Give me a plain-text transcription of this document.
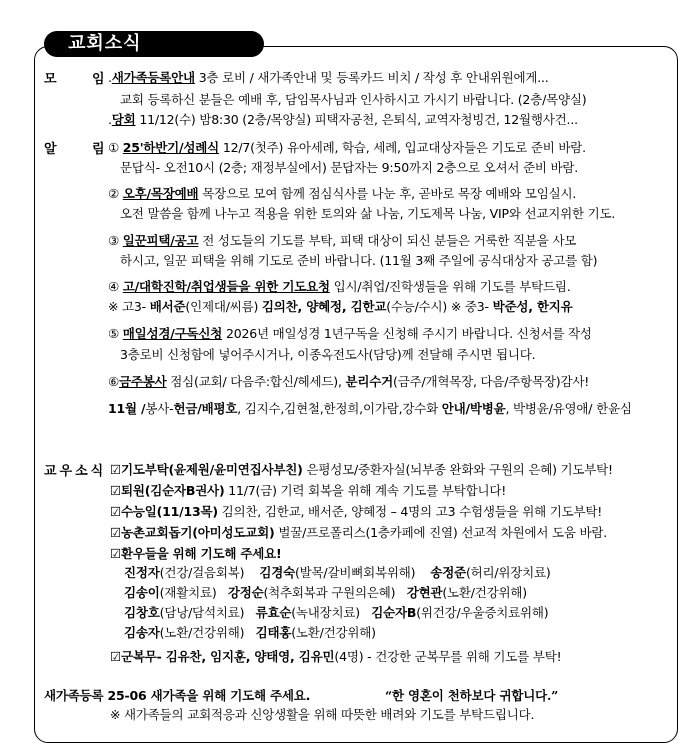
교회소식
모	임 .새가족등록안내 3층 로비 / 새가족안내 및 등록카드 비치 / 작성 후 안내위원에게...
교회 등록하신 분들은 예배 후, 담임목사님과 인사하시고 가시기 바랍니다. (2층/목양실)
.당회 11/12(수) 밤8:30 (2층/목양실) 피택자공천, 은퇴식, 교역자청빙건, 12월행사건...
알	림 ① 25'하반기/성례식 12/7(첫주) 유아세례, 학습, 세례, 입교대상자들은 기도로 준비 바람.
문답식- 오전10시 (2층; 재정부실에서) 문답자는 9:50까지 2층으로 오셔서 준비 바람.
② 오후/목장예배 목장으로 모여 함께 점심식사를 나눈 후, 곧바로 목장 예배와 모임실시.
오전 말씀을 함께 나누고 적용을 위한 토의와 삶 나눔, 기도제목 나눔, VIP와 선교지위한 기도.
③ 일꾼피택/공고 전 성도들의 기도를 부탁, 피택 대상이 되신 분들은 거룩한 직분을 사모
하시고, 일꾼 피택을 위해 기도로 준비 바랍니다. (11월 3째 주일에 공식대상자 공고를 함)
④ 고/대학진학/취업생들을 위한 기도요청 입시/취업/진학생들을 위해 기도를 부탁드림.
※ 고3- 배서준(인제대/씨름) 김의찬, 양혜정, 김한교(수능/수시) ※ 중3- 박준성, 한지유
⑤ 매일성경/구독신청 2026년 매일성경 1년구독을 신청해 주시기 바랍니다. 신청서를 작성
3층로비 신청함에 넣어주시거나, 이종옥전도사(담당)께 전달해 주시면 됩니다.
⑥금주봉사 점심(교회/ 다음주:합신/헤세드), 분리수거(금주/개혁목장, 다음/주항목장)감사!
11월 /봉사-헌금/배평호, 김지수,김현철,한정희,이가람,강수화 안내/박병윤, 박병윤/유영애/ 한윤심
교우소식 ☑기도부탁(윤제원/윤미연집사부친) 은평성모/중환자실(뇌부종 완화와 구원의 은혜) 기도부탁!
☑퇴원(김순자B권사) 11/7(금) 기력 회복을 위해 계속 기도를 부탁합니다!
☑수능일(11/13목) 김의찬, 김한교, 배서준, 양혜정 – 4명의 고3 수험생들을 위해 기도부탁!
☑농촌교회돕기(아미성도교회) 벌꿀/프로폴리스(1층카페에 진열) 선교적 차원에서 도움 바람.
☑환우들을 위해 기도해 주세요!
진정자(건강/걸음회복) 김경숙(발목/갈비뼈회복위해) 송정준(허리/위장치료)
김송이(재활치료) 강정순(척추회복과 구원의은혜) 강현관(노환/건강위해)
김창호(담낭/담석치료) 류효순(녹내장치료) 김순자B(위건강/우울증치료위해)
김송자(노환/건강위해) 김태홍(노환/건강위해)
☑군복무- 김유찬, 임지훈, 양태영, 김유민(4명) - 건강한 군복무를 위해 기도를 부탁!
새가족등록 25-06 새가족을 위해 기도해 주세요.	“한 영혼이 천하보다 귀합니다.”
※ 새가족들의 교회적응과 신앙생활을 위해 따뜻한 배려와 기도를 부탁드립니다.
